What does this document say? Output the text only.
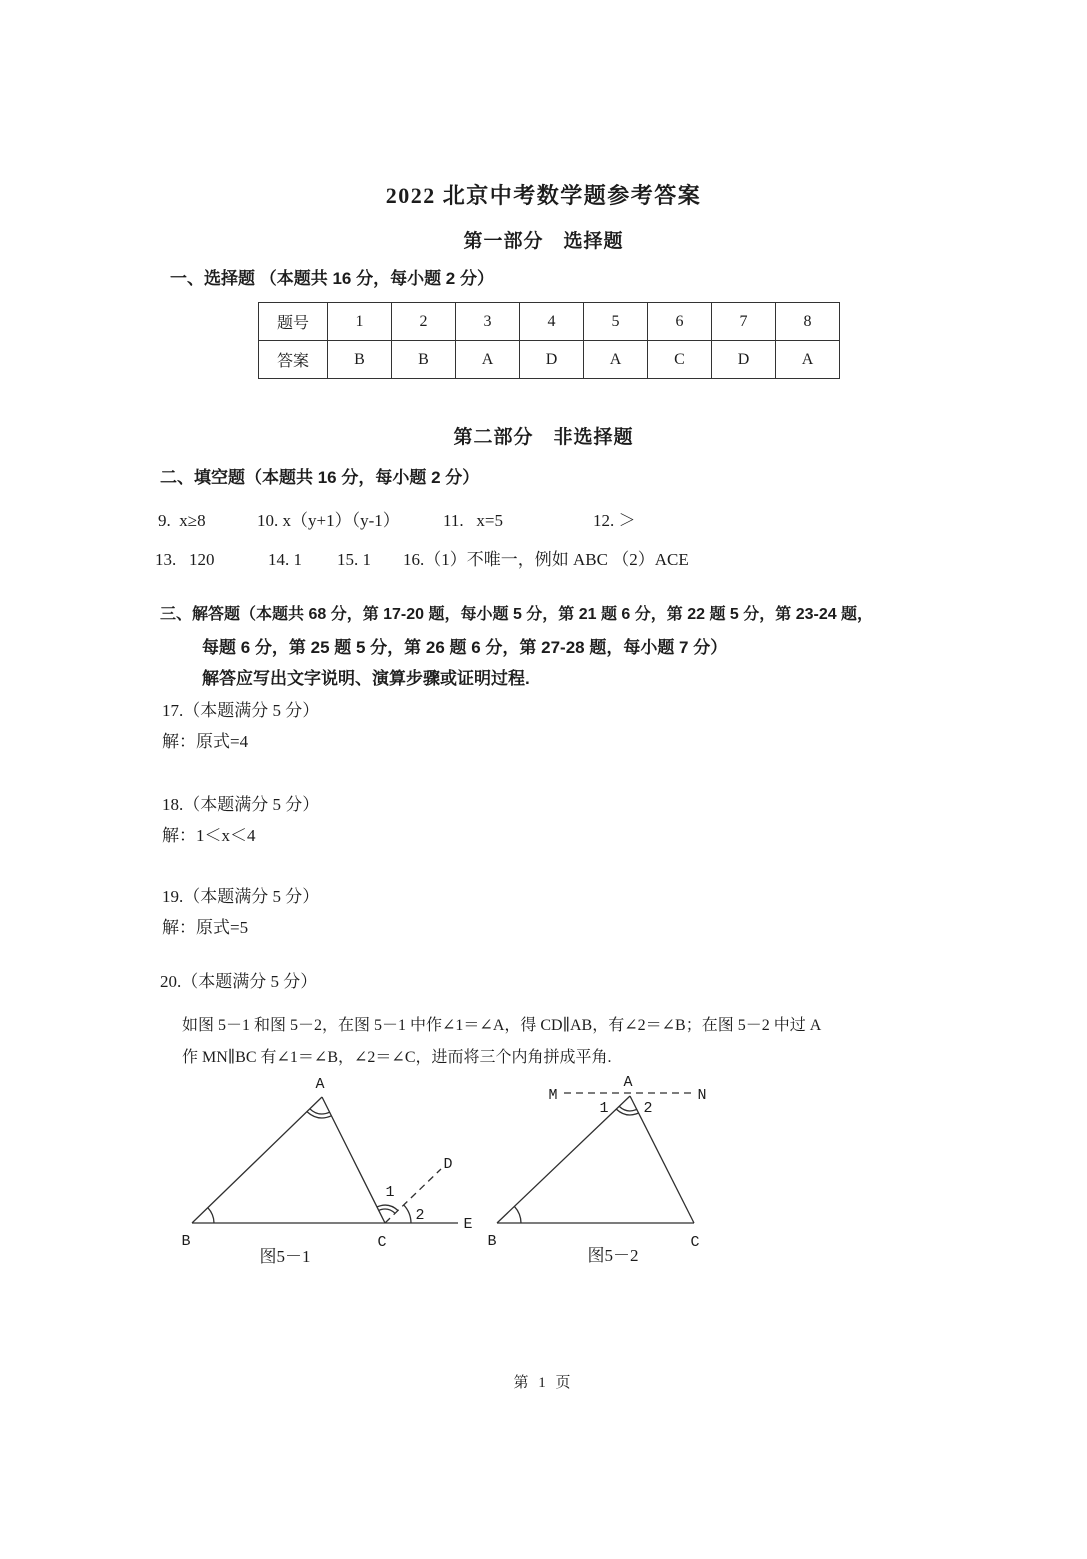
2022 北京中考数学题参考答案
第一部分　选择题
一、选择题 （本题共 16 分，每小题 2 分）
题号	1	2	3	4	5	6	7	8
答案	B	B	A	D	A	C	D	A
第二部分　非选择题
二、填空题（本题共 16 分，每小题 2 分）
9.  x≥8	10. x（y+1）（y-1）	11.   x=5	12. ＞
13.   120	14. 1 15. 1 16.（1）不唯一，例如 ABC （2）ACE
三、解答题（本题共 68 分，第 17-20 题，每小题 5 分，第 21 题 6 分，第 22 题 5 分，第 23-24 题，
每题 6 分，第 25 题 5 分，第 26 题 6 分，第 27-28 题，每小题 7 分）
解答应写出文字说明、演算步骤或证明过程.
17.（本题满分 5 分）
解：原式=4
18.（本题满分 5 分）
解：1＜x＜4
19.（本题满分 5 分）
解：原式=5
20.（本题满分 5 分）
如图 5－1 和图 5－2，在图 5－1 中作∠1＝∠A，得 CD∥AB，有∠2＝∠B；在图 5－2 中过 A
作 MN∥BC 有∠1＝∠B，∠2＝∠C，进而将三个内角拼成平角.
A
B	C
D
E
1
2
图5－1
M	N
A
B	C
1 2
图5－2
第 1 页
